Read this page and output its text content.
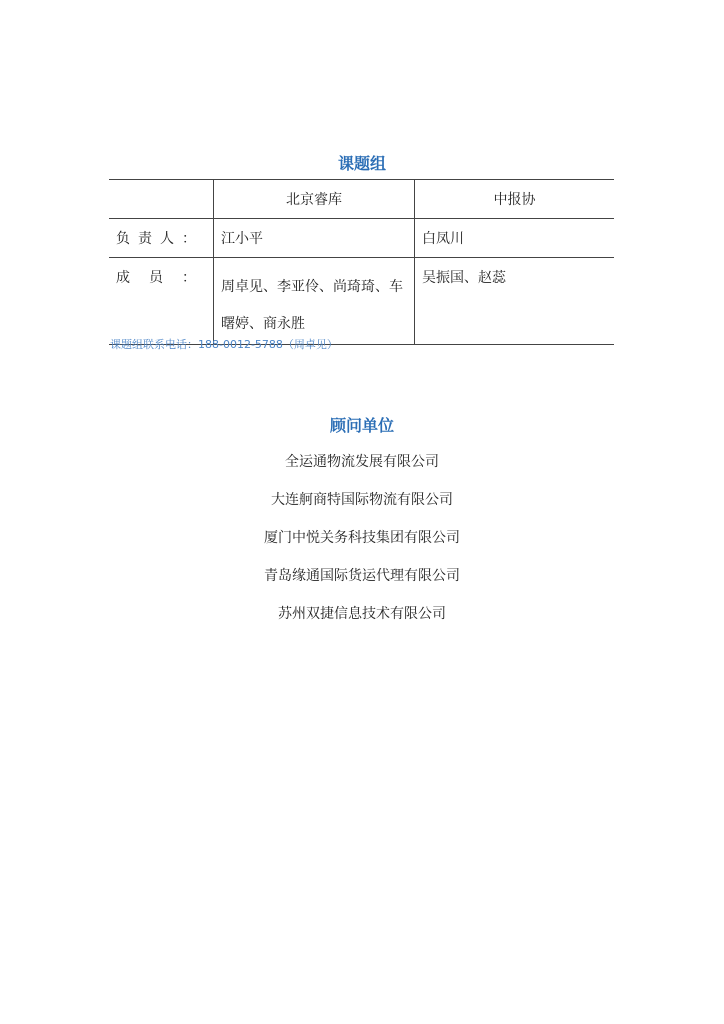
课题组
	北京睿库	中报协

负 责 人 ：	江小平	白凤川

成 员 ：	周卓见、李亚伶、尚琦琦、车曙婷、商永胜	吴振国、赵蕊
课题组联系电话：188-0012-5788（周卓见）
顾问单位
全运通物流发展有限公司
大连舸商特国际物流有限公司
厦门中悦关务科技集团有限公司
青岛缘通国际货运代理有限公司
苏州双捷信息技术有限公司
